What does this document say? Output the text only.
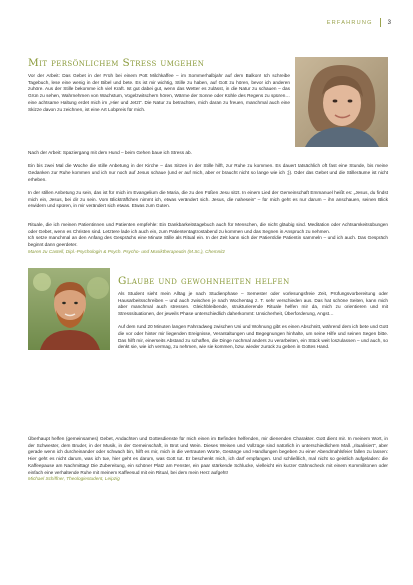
ERFAHRUNG	3
Mit persönlichem Stress umgehen

Vor der Arbeit: Das Gebet in der Früh bei einem Pott Milchkaffee – im Sommerhalbjahr auf dem Balkon! Ich schreibe Tagebuch, lese eine wenig in der Bibel und bete. Es ist mir wichtig, Stille zu haben, auf Gott zu hören, bevor ich anderen zuhöre. Aus der Stille bekomme ich viel Kraft. Ist gut dabei gut, wenn das Wetter es zulässt, in die Natur zu schauen – das Grün zu sehen, Wahrnehmen von Wachstum, Vogelzwitschern hören, Wärme der Sonne oder Kühle des Regens zu spüren… eine achtsame Haltung erdet mich im „Hier und Jetzt“. Die Natur zu betrachten, mich daran zu freuen, manchmal auch eine Skizze davon zu zeichnen, ist eine Art Lobpreis für mich.

Nach der Arbeit: Spaziergang mit dem Hund – beim Gehen baue ich Stress ab.

Ein bis zwei Mal die Woche die stille Anbetung in der Kirche – das Sitzen in der Stille hilft, zur Ruhe zu kommen. Es dauert tatsächlich oft fast eine Stunde, bis meine Gedanken zur Ruhe kommen und ich nur noch auf Jesus schaue (und er auf mich, aber er braucht nicht so lange wie ich ;)). Oder das Gebet und die Stilleräume ist nicht erheben.

In der stillen Anbetung zu sein, das ist für mich im Evangelium die Maria, die zu den Füßen Jesu sitzt. In einem Lied der Gemeinschaft Emmanuel heißt es: „Jesus, du findst mich ein, Jesus, bei dir zu sein. Vom Blickträffchen nimmt ich, etwas verändert sich. Jesus, die nahesein“ – für mich geht es nur darum – ihn anschauen, seinen Blick erwidern und spüren, in mir verändert sich etwas. Etwas zum Guten.

Rituale, die ich meinen Patientinnen und Patienten empfehle: Ein Dankbarkeitstagebuch auch für Menschen, die nicht gläubig sind. Meditation oder Achtsamkeitsübungen oder Gebet, wenn es Christen sind. Letztere lade ich auch ein, zum Patiententagtrostabend zu kommen und das Segnen in Anspruch zu nehmen.

Ich setze manchmal an den Anfang des Gesprächs eine Minute Stille als Ritual ein. In der Zeit kann sich der Patient/die Patientin sammeln – und ich auch. Das Gespräch beginnt dann geerdeter.

Maren zu Castell, Dipl.-Psychologin & Psych. Psycho- und Musiktherapeutin (M.Sc.), Chemnitz

Glaube und gewohnheiten helfen

Als Student sieht mein Alltag je nach Studienphase – Semester oder vorlesungsfreie Zeit, Prüfungsvorbereitung oder Hausarbeitsschreiben – und auch zwischen je nach Wochentag z. T. sehr verschieden aus. Das hat schöne Seiten, kann mich aber manchmal auch stressen. Gleichbleibende, strukturierende Rituale helfen mir da, mich zu orientieren und mit Stresssituationen, der jeweils Phase unterschiedlich daherkommt: Unsicherheit, Überforderung, Angst…

Auf dem rund 20 Minuten langen Fahrradweg zwischen Uni und Wohnung gibt es einen Abschnitt, während dem ich bete und Gott die vor oder hinter mir liegenden Ereignisse, Verantaltungen und Begegnungen hinhalte, um seine Hilfe und seinen Segen bitte. Das hilft mir, einerseits Abstand zu schaffen, die Dinge nochmal anders zu verarbeiten, ein Stück weit loszulassen – und auch, so denkt sie, wie ich vermag, zu nehmen, wie sie kommen, bzw. wieder zurück zu geben in Gottes Hand.

Überhaupt helfen (gemeinsames) Gebet, Andachten und Gottesdienste für mich einen im Befinden helfenden, mir dienenden Charakter. Gott dient mir. In meinem Wort, in der Schwester, dem Bruder, in der Musik, in der Gemeinschaft, in Brot und Wein. Dieses Weisen und Vollzüge sind natürlich in unterschiedlichem Maß „ritualisiert“, aber gerade wenn ich durcheinander oder schwach bin, hilft es mir, mich in die vertrauten Worte, Gesänge und Handlungen begeben zu einer Abendmahlsfeier fallen zu lassen: Hier geht es nicht darum, was ich tue, hier geht es darum, was Gott tut. Er beschenkt mich, ich darf empfangen. Und schließlich, mal nicht so geistlich aufgeladen: die Kaffeepause am Nachmittag! Die Zubereitung, ein schöner Platz am Fenster, ein paar stärkende Schlucke, vielleicht ein kurzer Gähnscheck mit einem Kommilitonen oder einfach eine verhaltende Ruhe mit meinem Kaffeesud mit ein Ritual, bei dem mein Herz aufgeht!

Michael Schiffner, Theologiestudent, Leipzig
